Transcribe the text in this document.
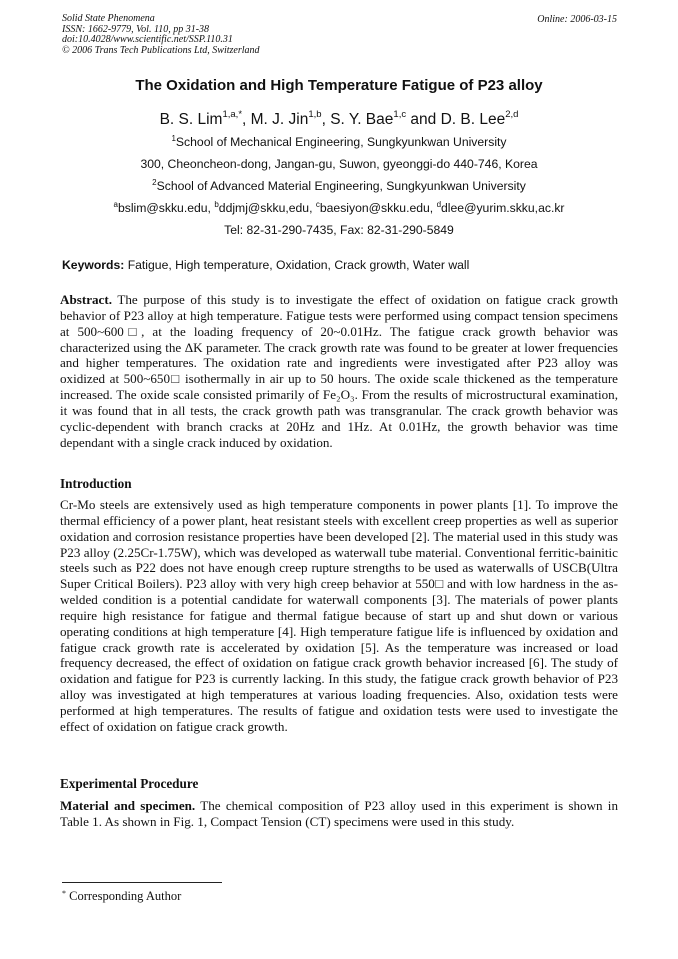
Solid State Phenomena
ISSN: 1662-9779, Vol. 110, pp 31-38
doi:10.4028/www.scientific.net/SSP.110.31
© 2006 Trans Tech Publications Ltd, Switzerland
Online: 2006-03-15
The Oxidation and High Temperature Fatigue of P23 alloy
B. S. Lim$^{1,a,*}$, M. J. Jin$^{1,b}$, S. Y. Bae$^{1,c}$ and D. B. Lee$^{2,d}$
$^1$School of Mechanical Engineering, Sungkyunkwan University
300, Cheoncheon-dong, Jangan-gu, Suwon, gyeonggi-do 440-746, Korea
$^2$School of Advanced Material Engineering, Sungkyunkwan University
$^a$bslim@skku.edu, $^b$ddjmj@skku,edu, $^c$baesiyon@skku.edu, $^d$dlee@yurim.skku,ac.kr
Tel: 82-31-290-7435, Fax: 82-31-290-5849
Keywords: Fatigue, High temperature, Oxidation, Crack growth, Water wall
Abstract. The purpose of this study is to investigate the effect of oxidation on fatigue crack growth behavior of P23 alloy at high temperature. Fatigue tests were performed using compact tension specimens at 500~600□, at the loading frequency of 20~0.01Hz. The fatigue crack growth behavior was characterized using the ΔK parameter. The crack growth rate was found to be greater at lower frequencies and higher temperatures. The oxidation rate and ingredients were investigated after P23 alloy was oxidized at 500~650□ isothermally in air up to 50 hours. The oxide scale thickened as the temperature increased. The oxide scale consisted primarily of Fe₂O₃. From the results of microstructural examination, it was found that in all tests, the crack growth path was transgranular. The crack growth behavior was cyclic-dependent with branch cracks at 20Hz and 1Hz. At 0.01Hz, the growth behavior was time dependant with a single crack induced by oxidation.
Introduction
Cr-Mo steels are extensively used as high temperature components in power plants [1]. To improve the thermal efficiency of a power plant, heat resistant steels with excellent creep properties as well as superior oxidation and corrosion resistance properties have been developed [2]. The material used in this study was P23 alloy (2.25Cr-1.75W), which was developed as waterwall tube material. Conventional ferritic-bainitic steels such as P22 does not have enough creep rupture strengths to be used as waterwalls of USCB(Ultra Super Critical Boilers). P23 alloy with very high creep behavior at 550□ and with low hardness in the as-welded condition is a potential candidate for waterwall components [3]. The materials of power plants require high resistance for fatigue and thermal fatigue because of start up and shut down or various operating conditions at high temperature [4]. High temperature fatigue life is influenced by oxidation and fatigue crack growth rate is accelerated by oxidation [5]. As the temperature was increased or load frequency decreased, the effect of oxidation on fatigue crack growth behavior increased [6]. The study of oxidation and fatigue for P23 is currently lacking. In this study, the fatigue crack growth behavior of P23 alloy was investigated at high temperatures at various loading frequencies. Also, oxidation tests were performed at high temperatures. The results of fatigue and oxidation tests were used to investigate the effect of oxidation on fatigue crack growth.
Experimental Procedure
Material and specimen. The chemical composition of P23 alloy used in this experiment is shown in Table 1. As shown in Fig. 1, Compact Tension (CT) specimens were used in this study.
* Corresponding Author
